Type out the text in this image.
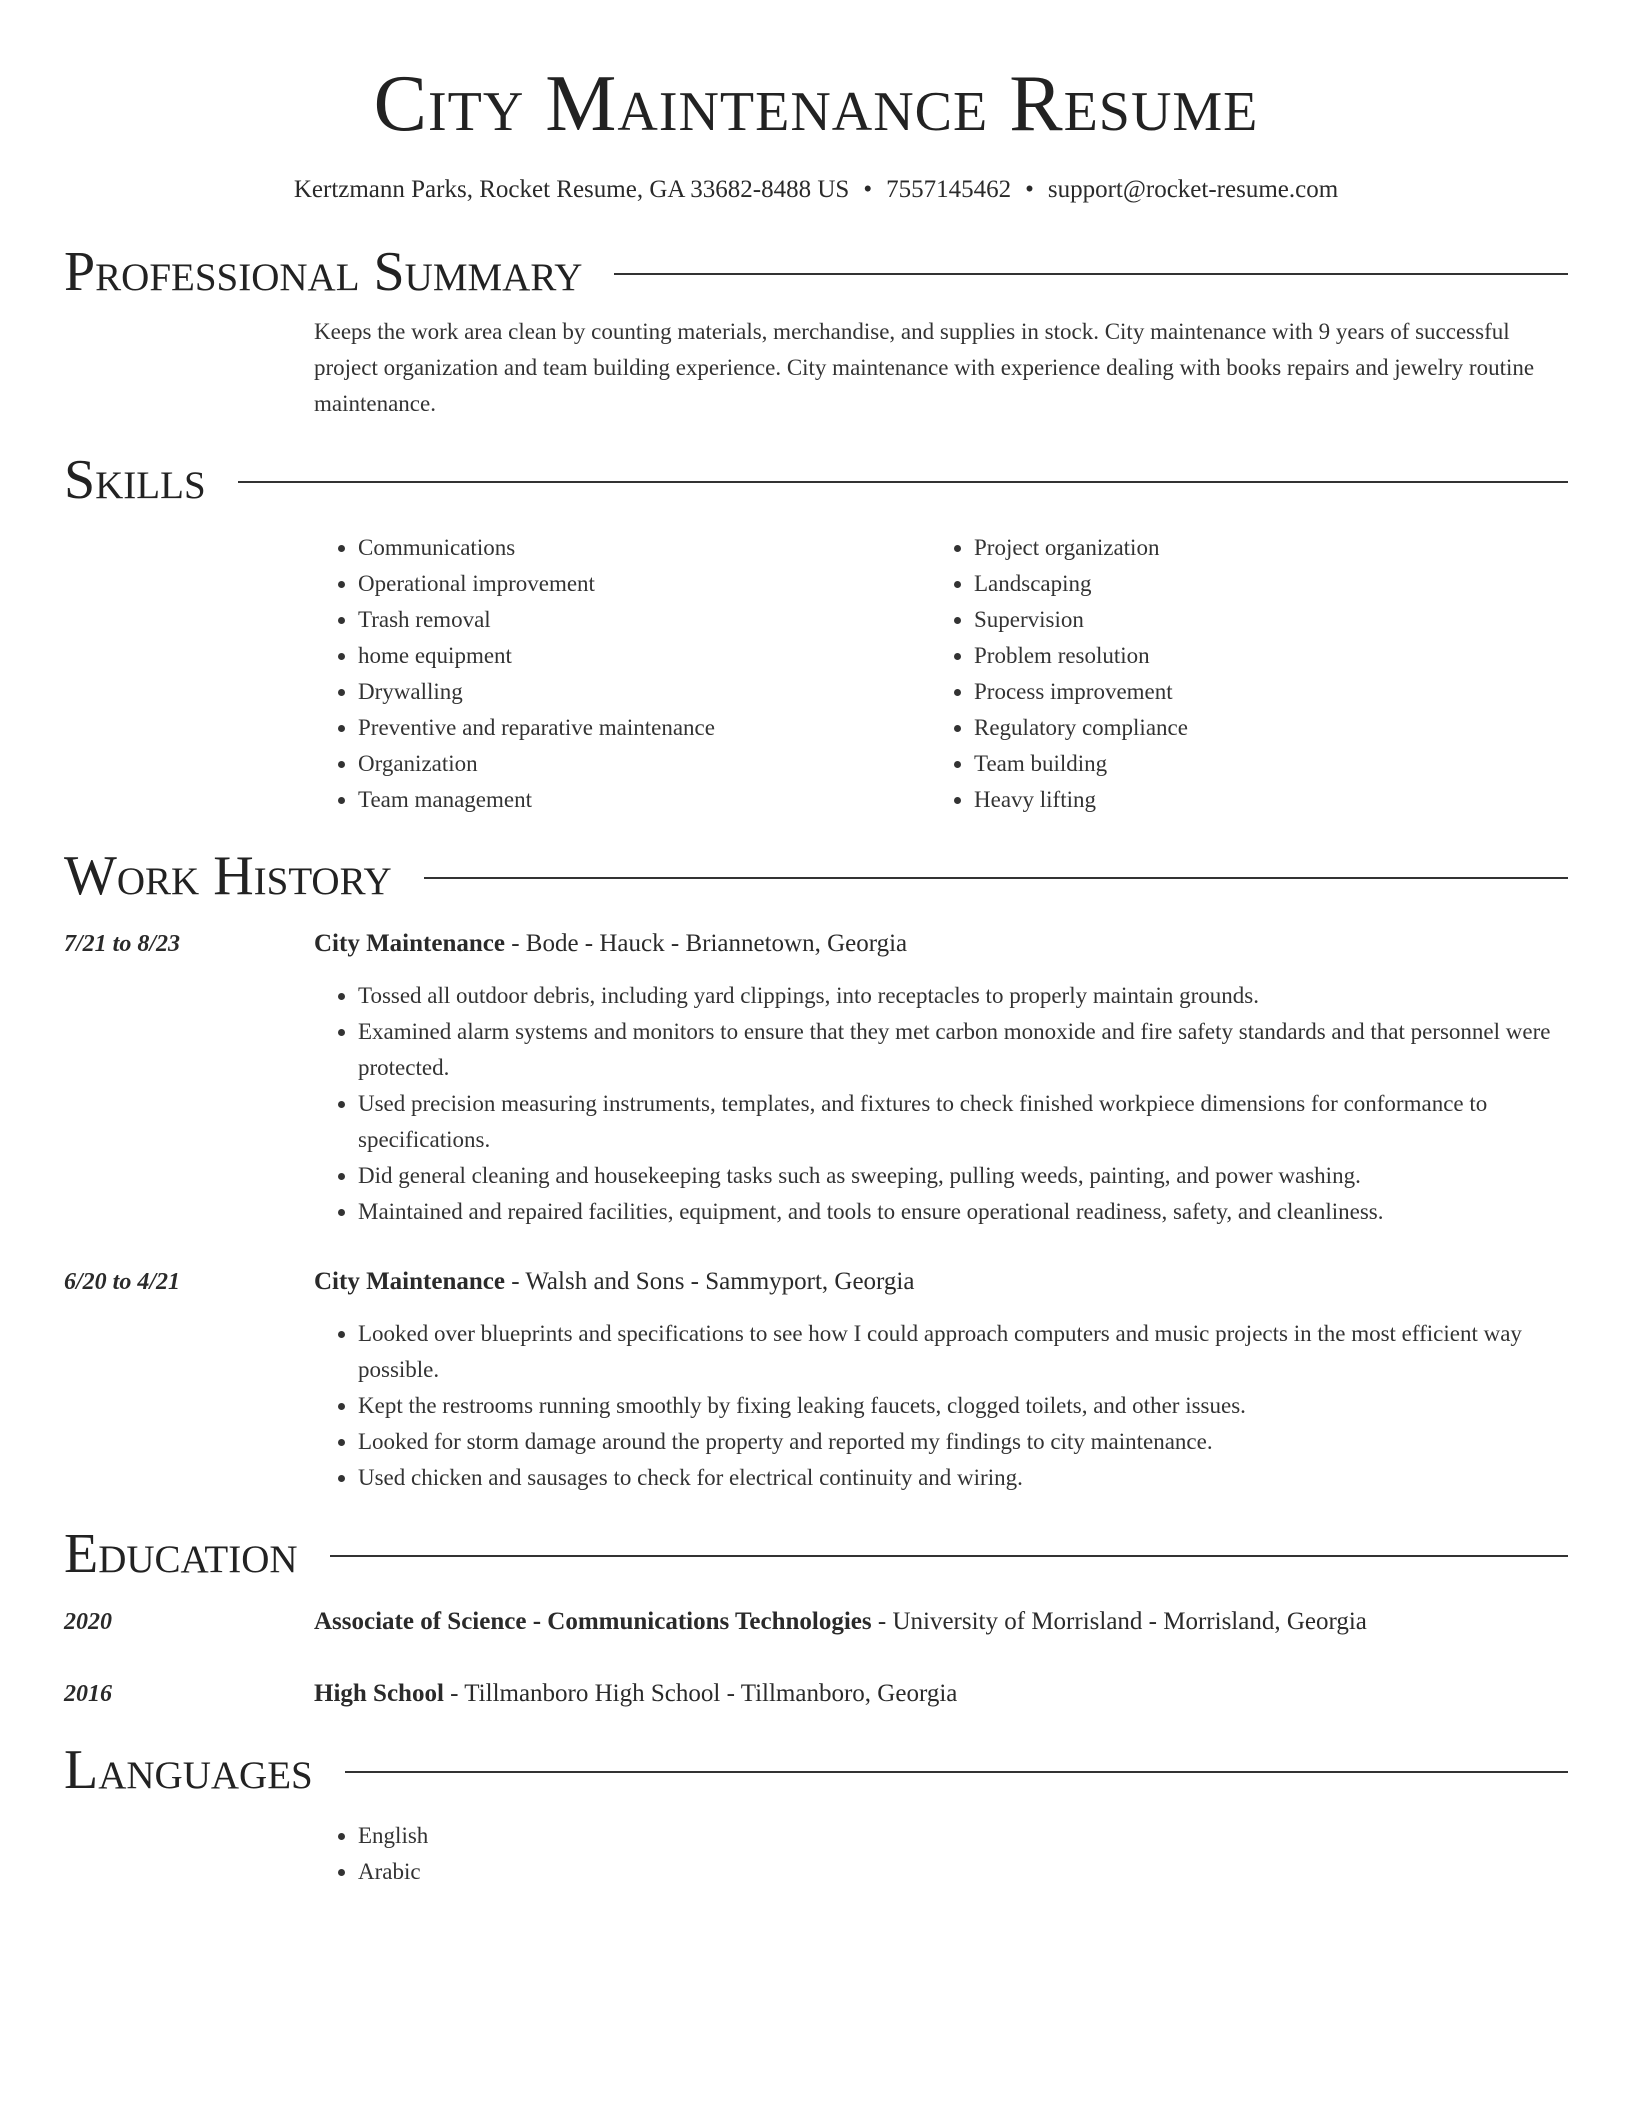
City Maintenance Resume
Kertzmann Parks, Rocket Resume, GA 33682-8488 US • 7557145462 • support@rocket-resume.com
Professional Summary
Keeps the work area clean by counting materials, merchandise, and supplies in stock. City maintenance with 9 years of successful project organization and team building experience. City maintenance with experience dealing with books repairs and jewelry routine maintenance.
Skills
• Communications
• Operational improvement
• Trash removal
• home equipment
• Drywalling
• Preventive and reparative maintenance
• Organization
• Team management
• Project organization
• Landscaping
• Supervision
• Problem resolution
• Process improvement
• Regulatory compliance
• Team building
• Heavy lifting
Work History
7/21 to 8/23	City Maintenance - Bode - Hauck - Briannetown, Georgia
• Tossed all outdoor debris, including yard clippings, into receptacles to properly maintain grounds.
• Examined alarm systems and monitors to ensure that they met carbon monoxide and fire safety standards and that personnel were protected.
• Used precision measuring instruments, templates, and fixtures to check finished workpiece dimensions for conformance to specifications.
• Did general cleaning and housekeeping tasks such as sweeping, pulling weeds, painting, and power washing.
• Maintained and repaired facilities, equipment, and tools to ensure operational readiness, safety, and cleanliness.
6/20 to 4/21	City Maintenance - Walsh and Sons - Sammyport, Georgia
• Looked over blueprints and specifications to see how I could approach computers and music projects in the most efficient way possible.
• Kept the restrooms running smoothly by fixing leaking faucets, clogged toilets, and other issues.
• Looked for storm damage around the property and reported my findings to city maintenance.
• Used chicken and sausages to check for electrical continuity and wiring.
Education
2020	Associate of Science - Communications Technologies - University of Morrisland - Morrisland, Georgia
2016	High School - Tillmanboro High School - Tillmanboro, Georgia
Languages
• English
• Arabic
